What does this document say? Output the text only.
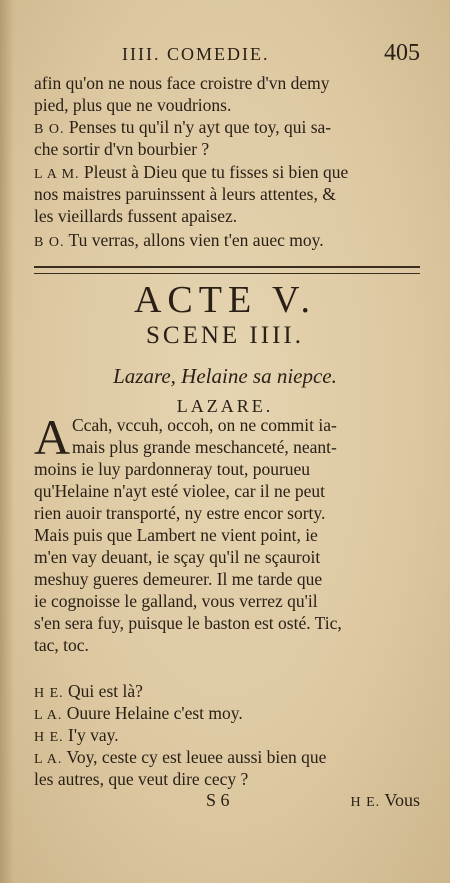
IIII. COMEDIE.	405
afin qu'on ne nous face croistre d'vn demy
pied, plus que ne voudrions.
B O. Penses tu qu'il n'y ayt que toy, qui sa-
che sortir d'vn bourbier ?
L A M. Pleust à Dieu que tu fisses si bien que
nos maistres paruinssent à leurs attentes, &
les vieillards fussent apaisez.
B O. Tu verras, allons vien t'en auec moy.
ACTE V.
SCENE IIII.
Lazare, Helaine sa niepce.
LAZARE.
A Ccah, vccuh, occoh, on ne commit ia-
mais plus grande meschanceté, neant-
moins ie luy pardonneray tout, pourueu
qu'Helaine n'ayt esté violee, car il ne peut
rien auoir transporté, ny estre encor sorty.
Mais puis que Lambert ne vient point, ie
m'en vay deuant, ie sçay qu'il ne sçauroit
meshuy gueres demeurer. Il me tarde que
ie cognoisse le galland, vous verrez qu'il
s'en sera fuy, puisque le baston est osté. Tic,
tac, toc.
H E. Qui est là?
L A. Ouure Helaine c'est moy.
H E. I'y vay.
L A. Voy, ceste cy est leuee aussi bien que
les autres, que veut dire cecy ?
S 6	H E. Vous
